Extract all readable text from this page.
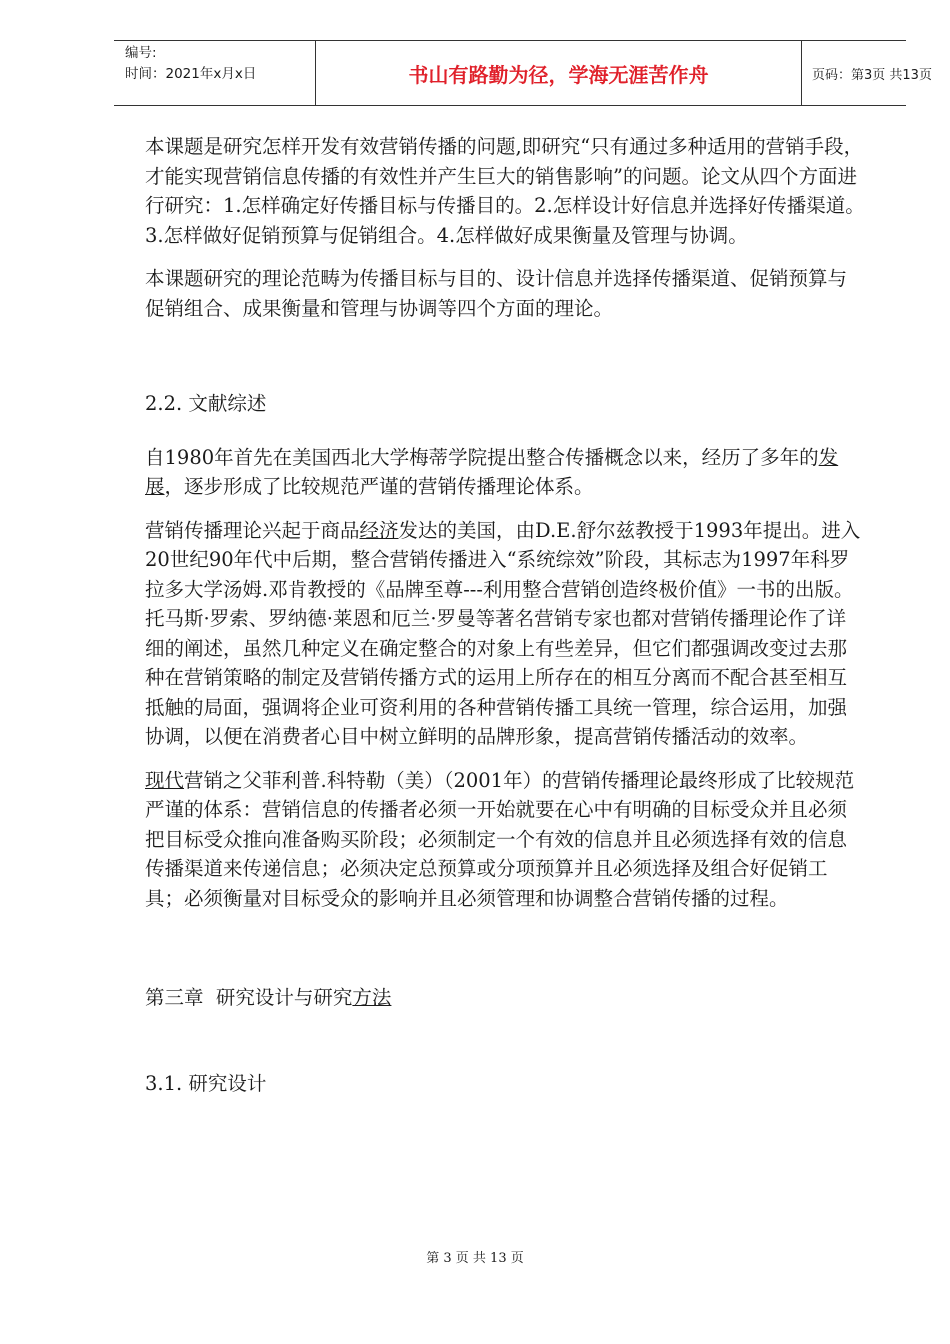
编号:
时间：2021年x月x日	书山有路勤为径，学海无涯苦作舟	页码：第3页 共13页

本课题是研究怎样开发有效营销传播的问题,即研究“只有通过多种适用的营销手段，才能实现营销信息传播的有效性并产生巨大的销售影响”的问题。论文从四个方面进行研究：1.怎样确定好传播目标与传播目的。2.怎样设计好信息并选择好传播渠道。3.怎样做好促销预算与促销组合。4.怎样做好成果衡量及管理与协调。

本课题研究的理论范畴为传播目标与目的、设计信息并选择传播渠道、促销预算与促销组合、成果衡量和管理与协调等四个方面的理论。

2.2. 文献综述

自1980年首先在美国西北大学梅蒂学院提出整合传播概念以来，经历了多年的发展，逐步形成了比较规范严谨的营销传播理论体系。

营销传播理论兴起于商品经济发达的美国，由D.E.舒尔兹教授于1993年提出。进入20世纪90年代中后期，整合营销传播进入“系统综效”阶段，其标志为1997年科罗拉多大学汤姆.邓肯教授的《品牌至尊---利用整合营销创造终极价值》一书的出版。托马斯·罗索、罗纳德·莱恩和厄兰·罗曼等著名营销专家也都对营销传播理论作了详细的阐述，虽然几种定义在确定整合的对象上有些差异，但它们都强调改变过去那种在营销策略的制定及营销传播方式的运用上所存在的相互分离而不配合甚至相互抵触的局面，强调将企业可资利用的各种营销传播工具统一管理，综合运用，加强协调，以便在消费者心目中树立鲜明的品牌形象，提高营销传播活动的效率。

现代营销之父菲利普.科特勒（美）（2001年）的营销传播理论最终形成了比较规范严谨的体系：营销信息的传播者必须一开始就要在心中有明确的目标受众并且必须把目标受众推向准备购买阶段；必须制定一个有效的信息并且必须选择有效的信息传播渠道来传递信息；必须决定总预算或分项预算并且必须选择及组合好促销工具；必须衡量对目标受众的影响并且必须管理和协调整合营销传播的过程。

第三章  研究设计与研究方法

3.1. 研究设计

第 3 页 共 13 页
